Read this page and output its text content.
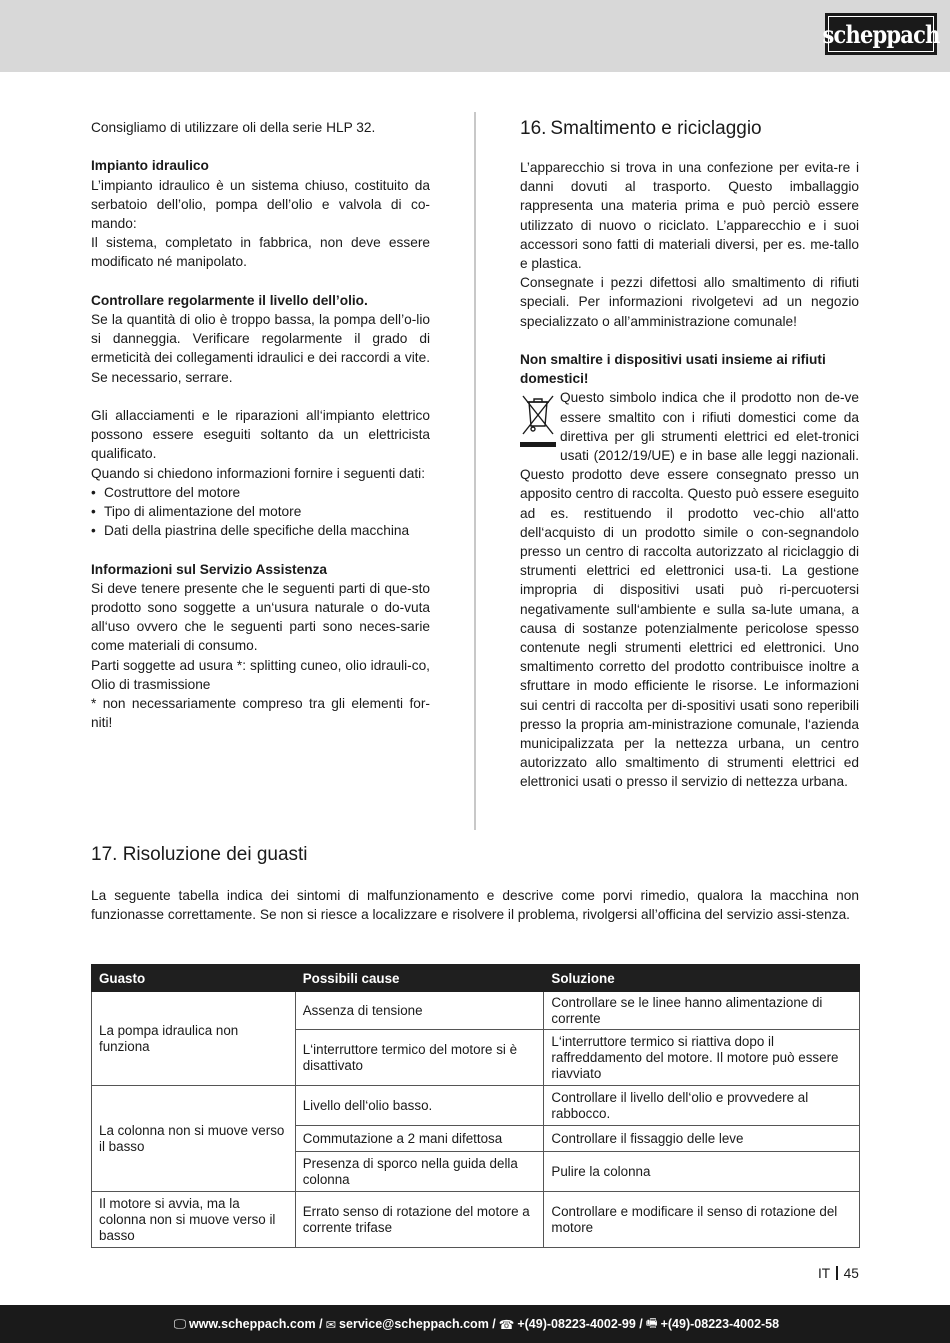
scheppach

Consigliamo di utilizzare oli della serie HLP 32.

Impianto idraulico

L’impianto idraulico è un sistema chiuso, costituito da serbatoio dell’olio, pompa dell’olio e valvola di co-mando:

Il sistema, completato in fabbrica, non deve essere modificato né manipolato.

Controllare regolarmente il livello dell’olio.

Se la quantità di olio è troppo bassa, la pompa dell’o-lio si danneggia. Verificare regolarmente il grado di ermeticità dei collegamenti idraulici e dei raccordi a vite. Se necessario, serrare.

Gli allacciamenti e le riparazioni all‘impianto elettrico possono essere eseguiti soltanto da un elettricista qualificato.

Quando si chiedono informazioni fornire i seguenti dati:

• Costruttore del motore
• Tipo di alimentazione del motore
• Dati della piastrina delle specifiche della macchina

Informazioni sul Servizio Assistenza

Si deve tenere presente che le seguenti parti di que-sto prodotto sono soggette a un‘usura naturale o do-vuta all‘uso ovvero che le seguenti parti sono neces-sarie come materiali di consumo.

Parti soggette ad usura *: splitting cuneo, olio idrauli-co, Olio di trasmissione

* non necessariamente compreso tra gli elementi for-niti!

16. Smaltimento e riciclaggio

L’apparecchio si trova in una confezione per evita-re i danni dovuti al trasporto. Questo imballaggio rappresenta una materia prima e può perciò essere utilizzato di nuovo o riciclato. L’apparecchio e i suoi accessori sono fatti di materiali diversi, per es. me-tallo e plastica.

Consegnate i pezzi difettosi allo smaltimento di rifiuti speciali. Per informazioni rivolgetevi ad un negozio specializzato o all’amministrazione comunale!

Non smaltire i dispositivi usati insieme ai rifiuti domestici!

Questo simbolo indica che il prodotto non de-ve essere smaltito con i rifiuti domestici come da direttiva per gli strumenti elettrici ed elet-tronici usati (2012/19/UE) e in base alle leggi nazionali. Questo prodotto deve essere consegnato presso un apposito centro di raccolta. Questo può essere eseguito ad es. restituendo il prodotto vec-chio all‘atto dell‘acquisto di un prodotto simile o con-segnandolo presso un centro di raccolta autorizzato al riciclaggio di strumenti elettrici ed elettronici usa-ti. La gestione impropria di dispositivi usati può ri-percuotersi negativamente sull‘ambiente e sulla sa-lute umana, a causa di sostanze potenzialmente pericolose spesso contenute negli strumenti elettrici ed elettronici. Uno smaltimento corretto del prodotto contribuisce inoltre a sfruttare in modo efficiente le risorse. Le informazioni sui centri di raccolta per di-spositivi usati sono reperibili presso la propria am-ministrazione comunale, l‘azienda municipalizzata per la nettezza urbana, un centro autorizzato allo smaltimento di strumenti elettrici ed elettronici usati o presso il servizio di nettezza urbana.

17. Risoluzione dei guasti

La seguente tabella indica dei sintomi di malfunzionamento e descrive come porvi rimedio, qualora la macchina non funzionasse correttamente. Se non si riesce a localizzare e risolvere il problema, rivolgersi all’officina del servizio assi-stenza.

Guasto	Possibili cause	Soluzione
La pompa idraulica non funziona	Assenza di tensione	Controllare se le linee hanno alimentazione di corrente
	L‘interruttore termico del motore si è disattivato	L‘interruttore termico si riattiva dopo il raffreddamento del motore. Il motore può essere riavviato
La colonna non si muove verso il basso	Livello dell‘olio basso.	Controllare il livello dell‘olio e provvedere al rabbocco.
	Commutazione a 2 mani difettosa	Controllare il fissaggio delle leve
	Presenza di sporco nella guida della colonna	Pulire la colonna
Il motore si avvia, ma la colonna non si muove verso il basso	Errato senso di rotazione del motore a corrente trifase	Controllare e modificare il senso di rotazione del motore
IT 45
🖵 www.scheppach.com / ✉ service@scheppach.com / ☎ +(49)-08223-4002-99 / 🖷 +(49)-08223-4002-58
